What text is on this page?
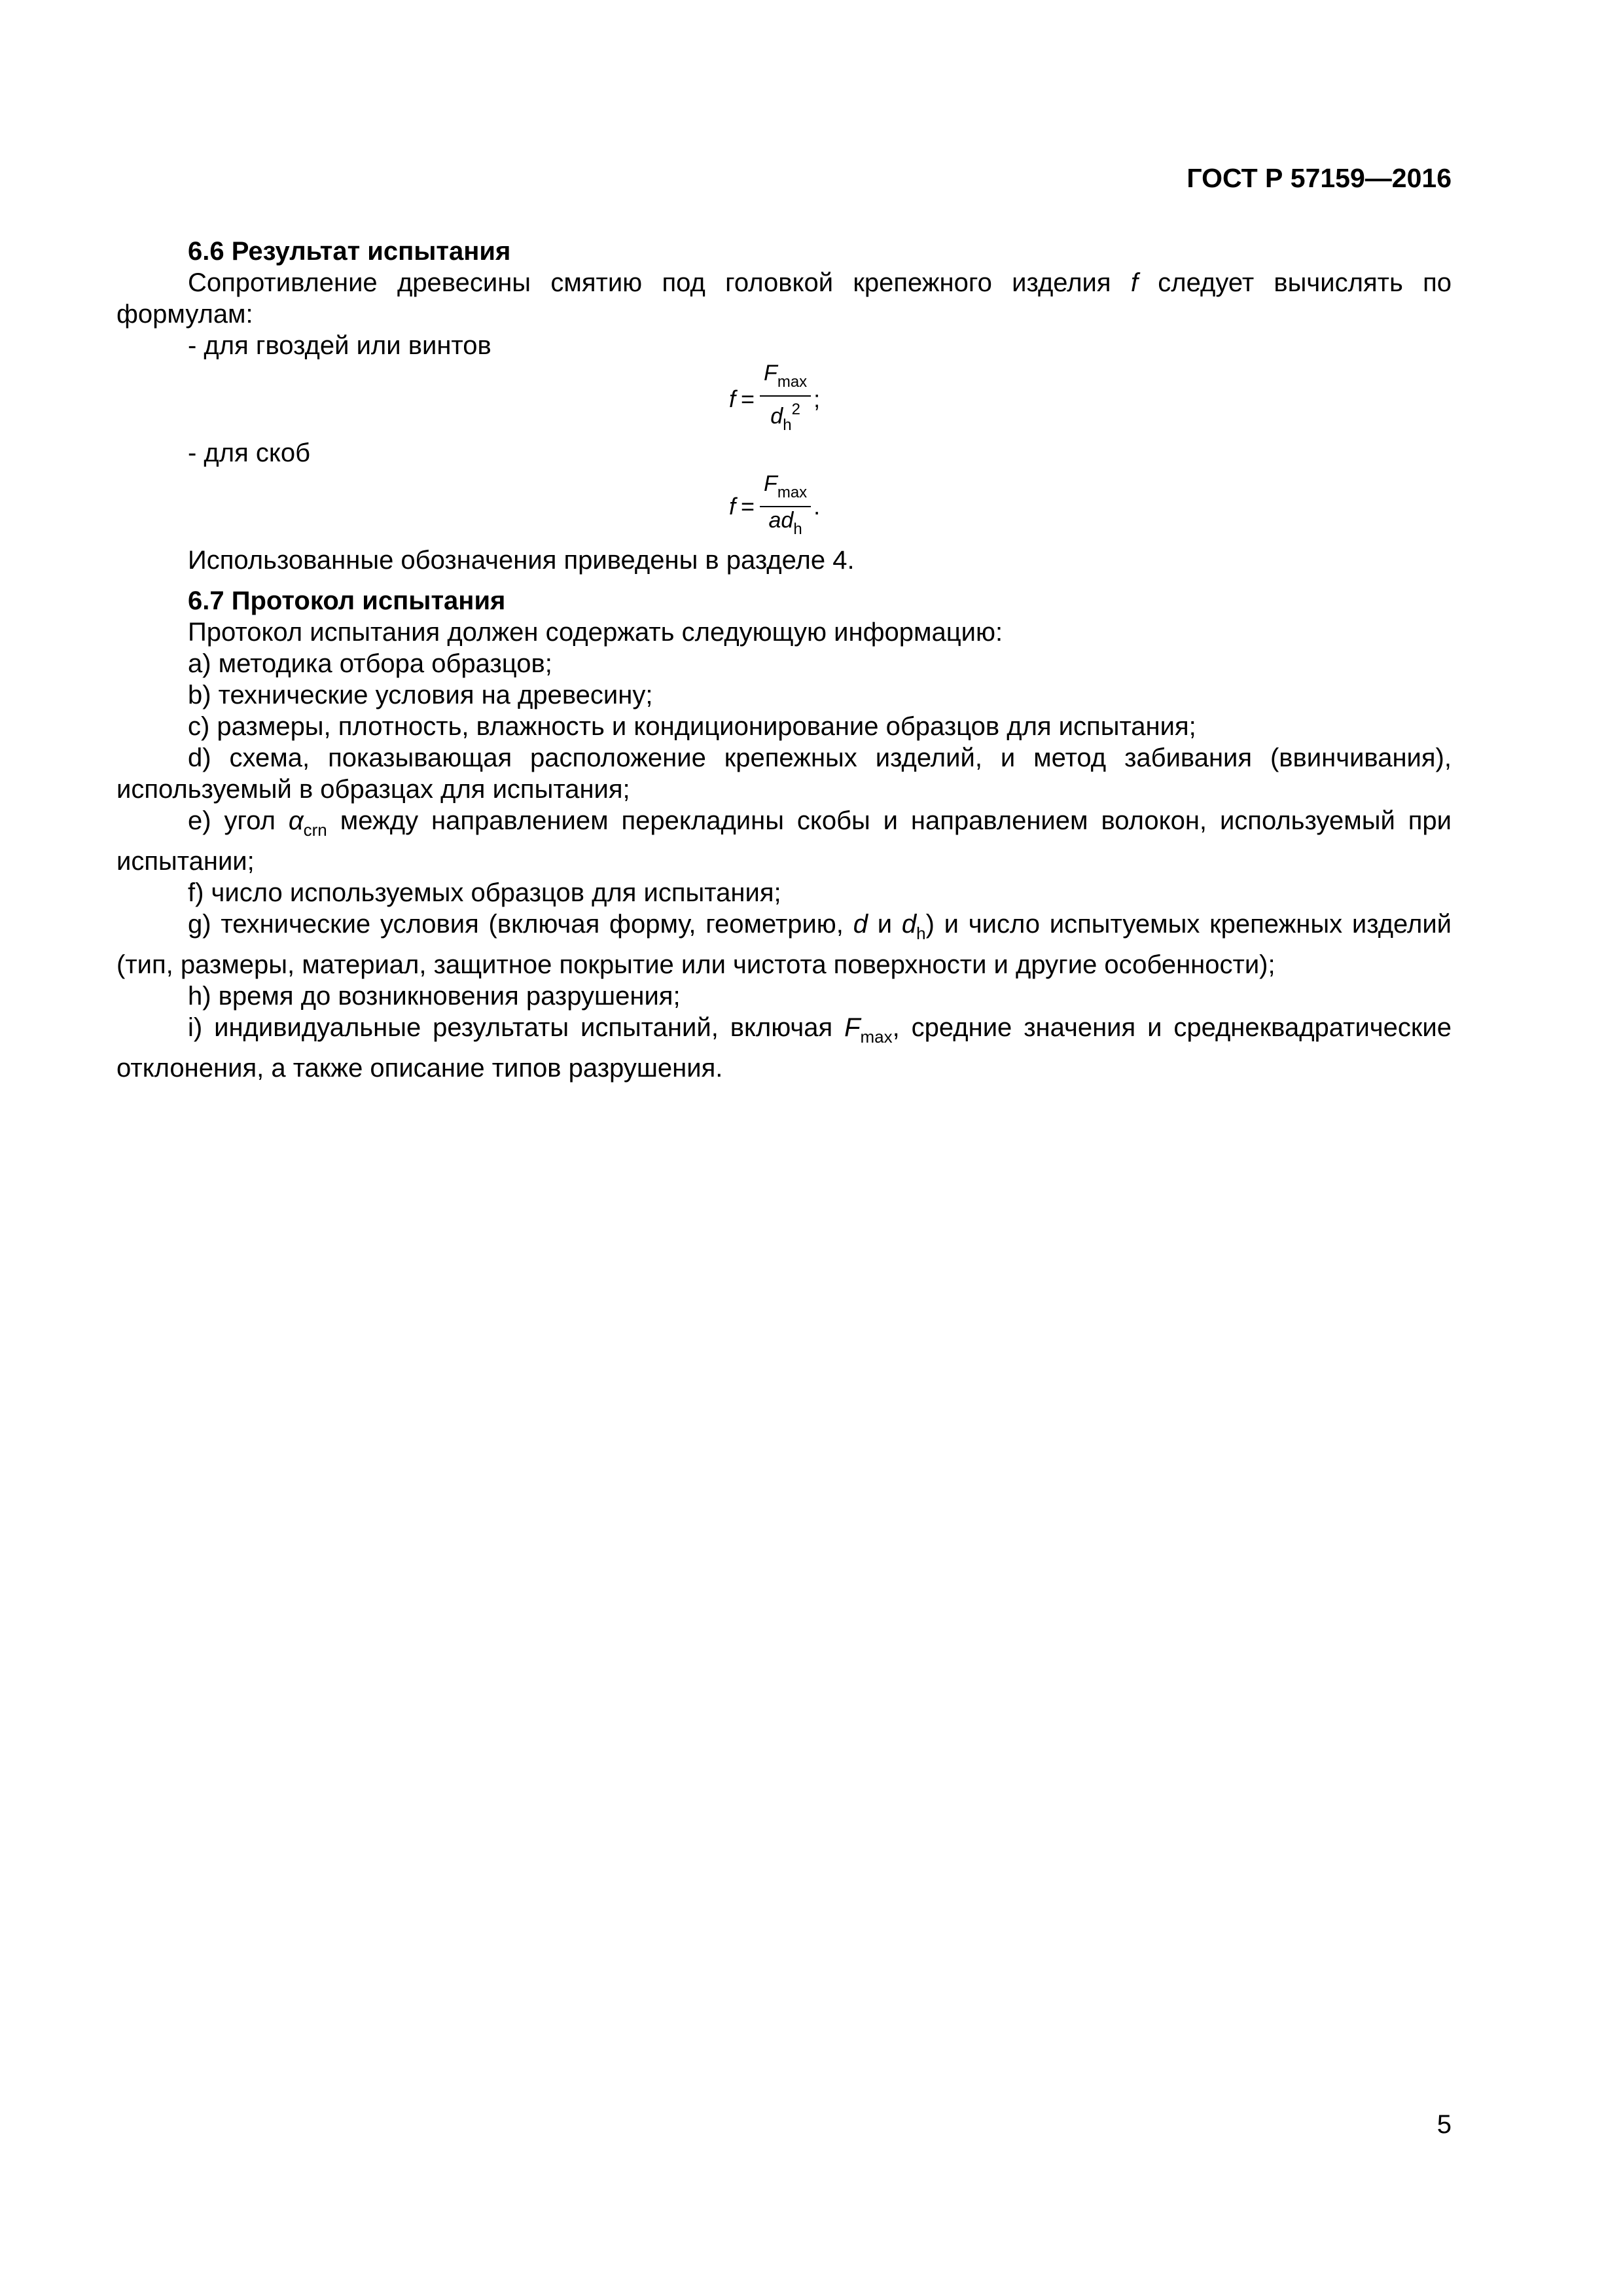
ГОСТ Р 57159—2016

6.6 Результат испытания

Сопротивление древесины смятию под головкой крепежного изделия f следует вычислять по формулам:

- для гвоздей или винтов

$f = \frac{F_{max}}{d_h^2}$ ;

- для скоб

$f = \frac{F_{max}}{ad_h}$ .

Использованные обозначения приведены в разделе 4.

6.7 Протокол испытания

Протокол испытания должен содержать следующую информацию:

а) методика отбора образцов;

b) технические условия на древесину;

c) размеры, плотность, влажность и кондиционирование образцов для испытания;

d) схема, показывающая расположение крепежных изделий, и метод забивания (ввинчивания), используемый в образцах для испытания;

e) угол $\alpha_{crn}$ между направлением перекладины скобы и направлением волокон, используемый при испытании;

f) число используемых образцов для испытания;

g) технические условия (включая форму, геометрию, d и $d_h$) и число испытуемых крепежных изделий (тип, размеры, материал, защитное покрытие или чистота поверхности и другие особенности);

h) время до возникновения разрушения;

i) индивидуальные результаты испытаний, включая $F_{max}$, средние значения и среднеквадратические отклонения, а также описание типов разрушения.

5
